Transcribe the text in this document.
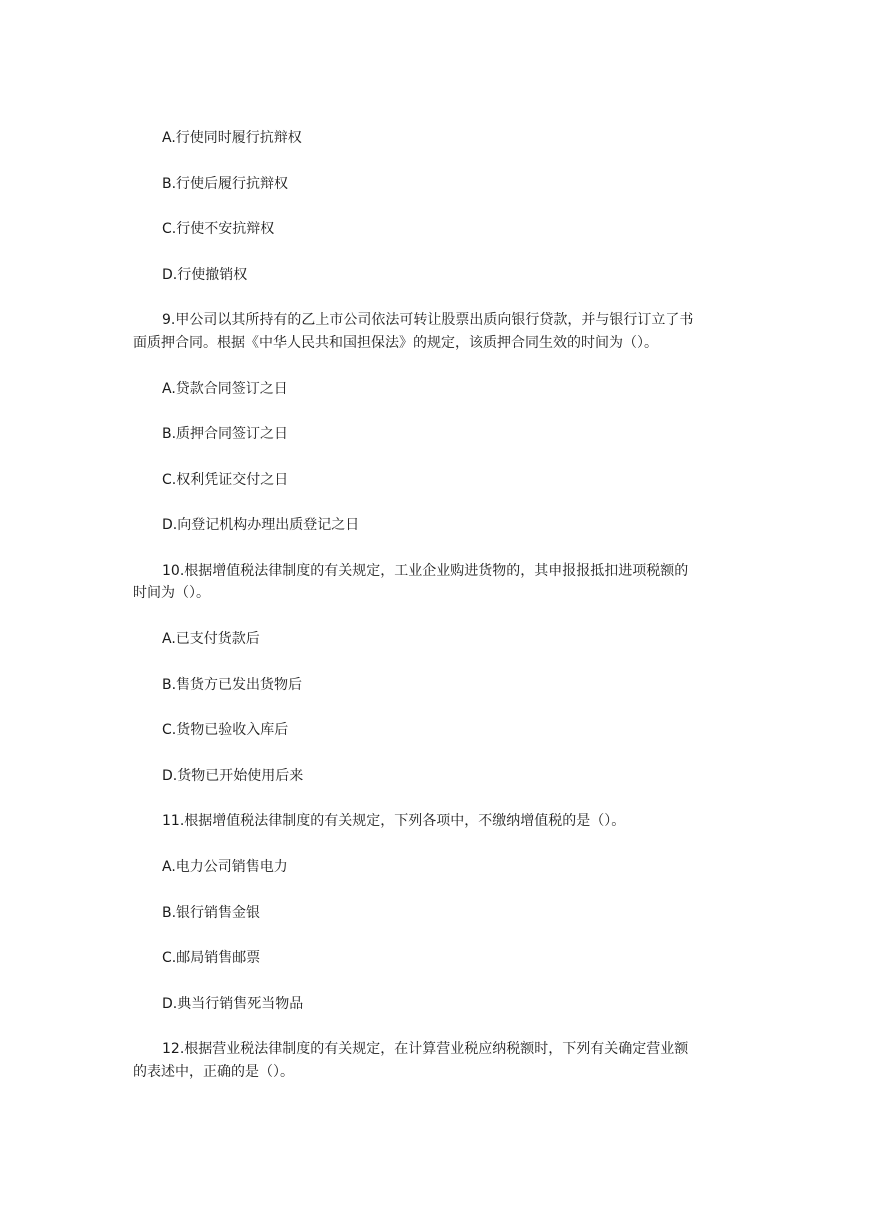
A.行使同时履行抗辩权
B.行使后履行抗辩权
C.行使不安抗辩权
D.行使撤销权
9.甲公司以其所持有的乙上市公司依法可转让股票出质向银行贷款，并与银行订立了书
面质押合同。根据《中华人民共和国担保法》的规定，该质押合同生效的时间为（）。
A.贷款合同签订之日
B.质押合同签订之日
C.权利凭证交付之日
D.向登记机构办理出质登记之日
10.根据增值税法律制度的有关规定，工业企业购进货物的，其申报报抵扣进项税额的
时间为（）。
A.已支付货款后
B.售货方已发出货物后
C.货物已验收入库后
D.货物已开始使用后来
11.根据增值税法律制度的有关规定，下列各项中，不缴纳增值税的是（）。
A.电力公司销售电力
B.银行销售金银
C.邮局销售邮票
D.典当行销售死当物品
12.根据营业税法律制度的有关规定，在计算营业税应纳税额时，下列有关确定营业额
的表述中，正确的是（）。
